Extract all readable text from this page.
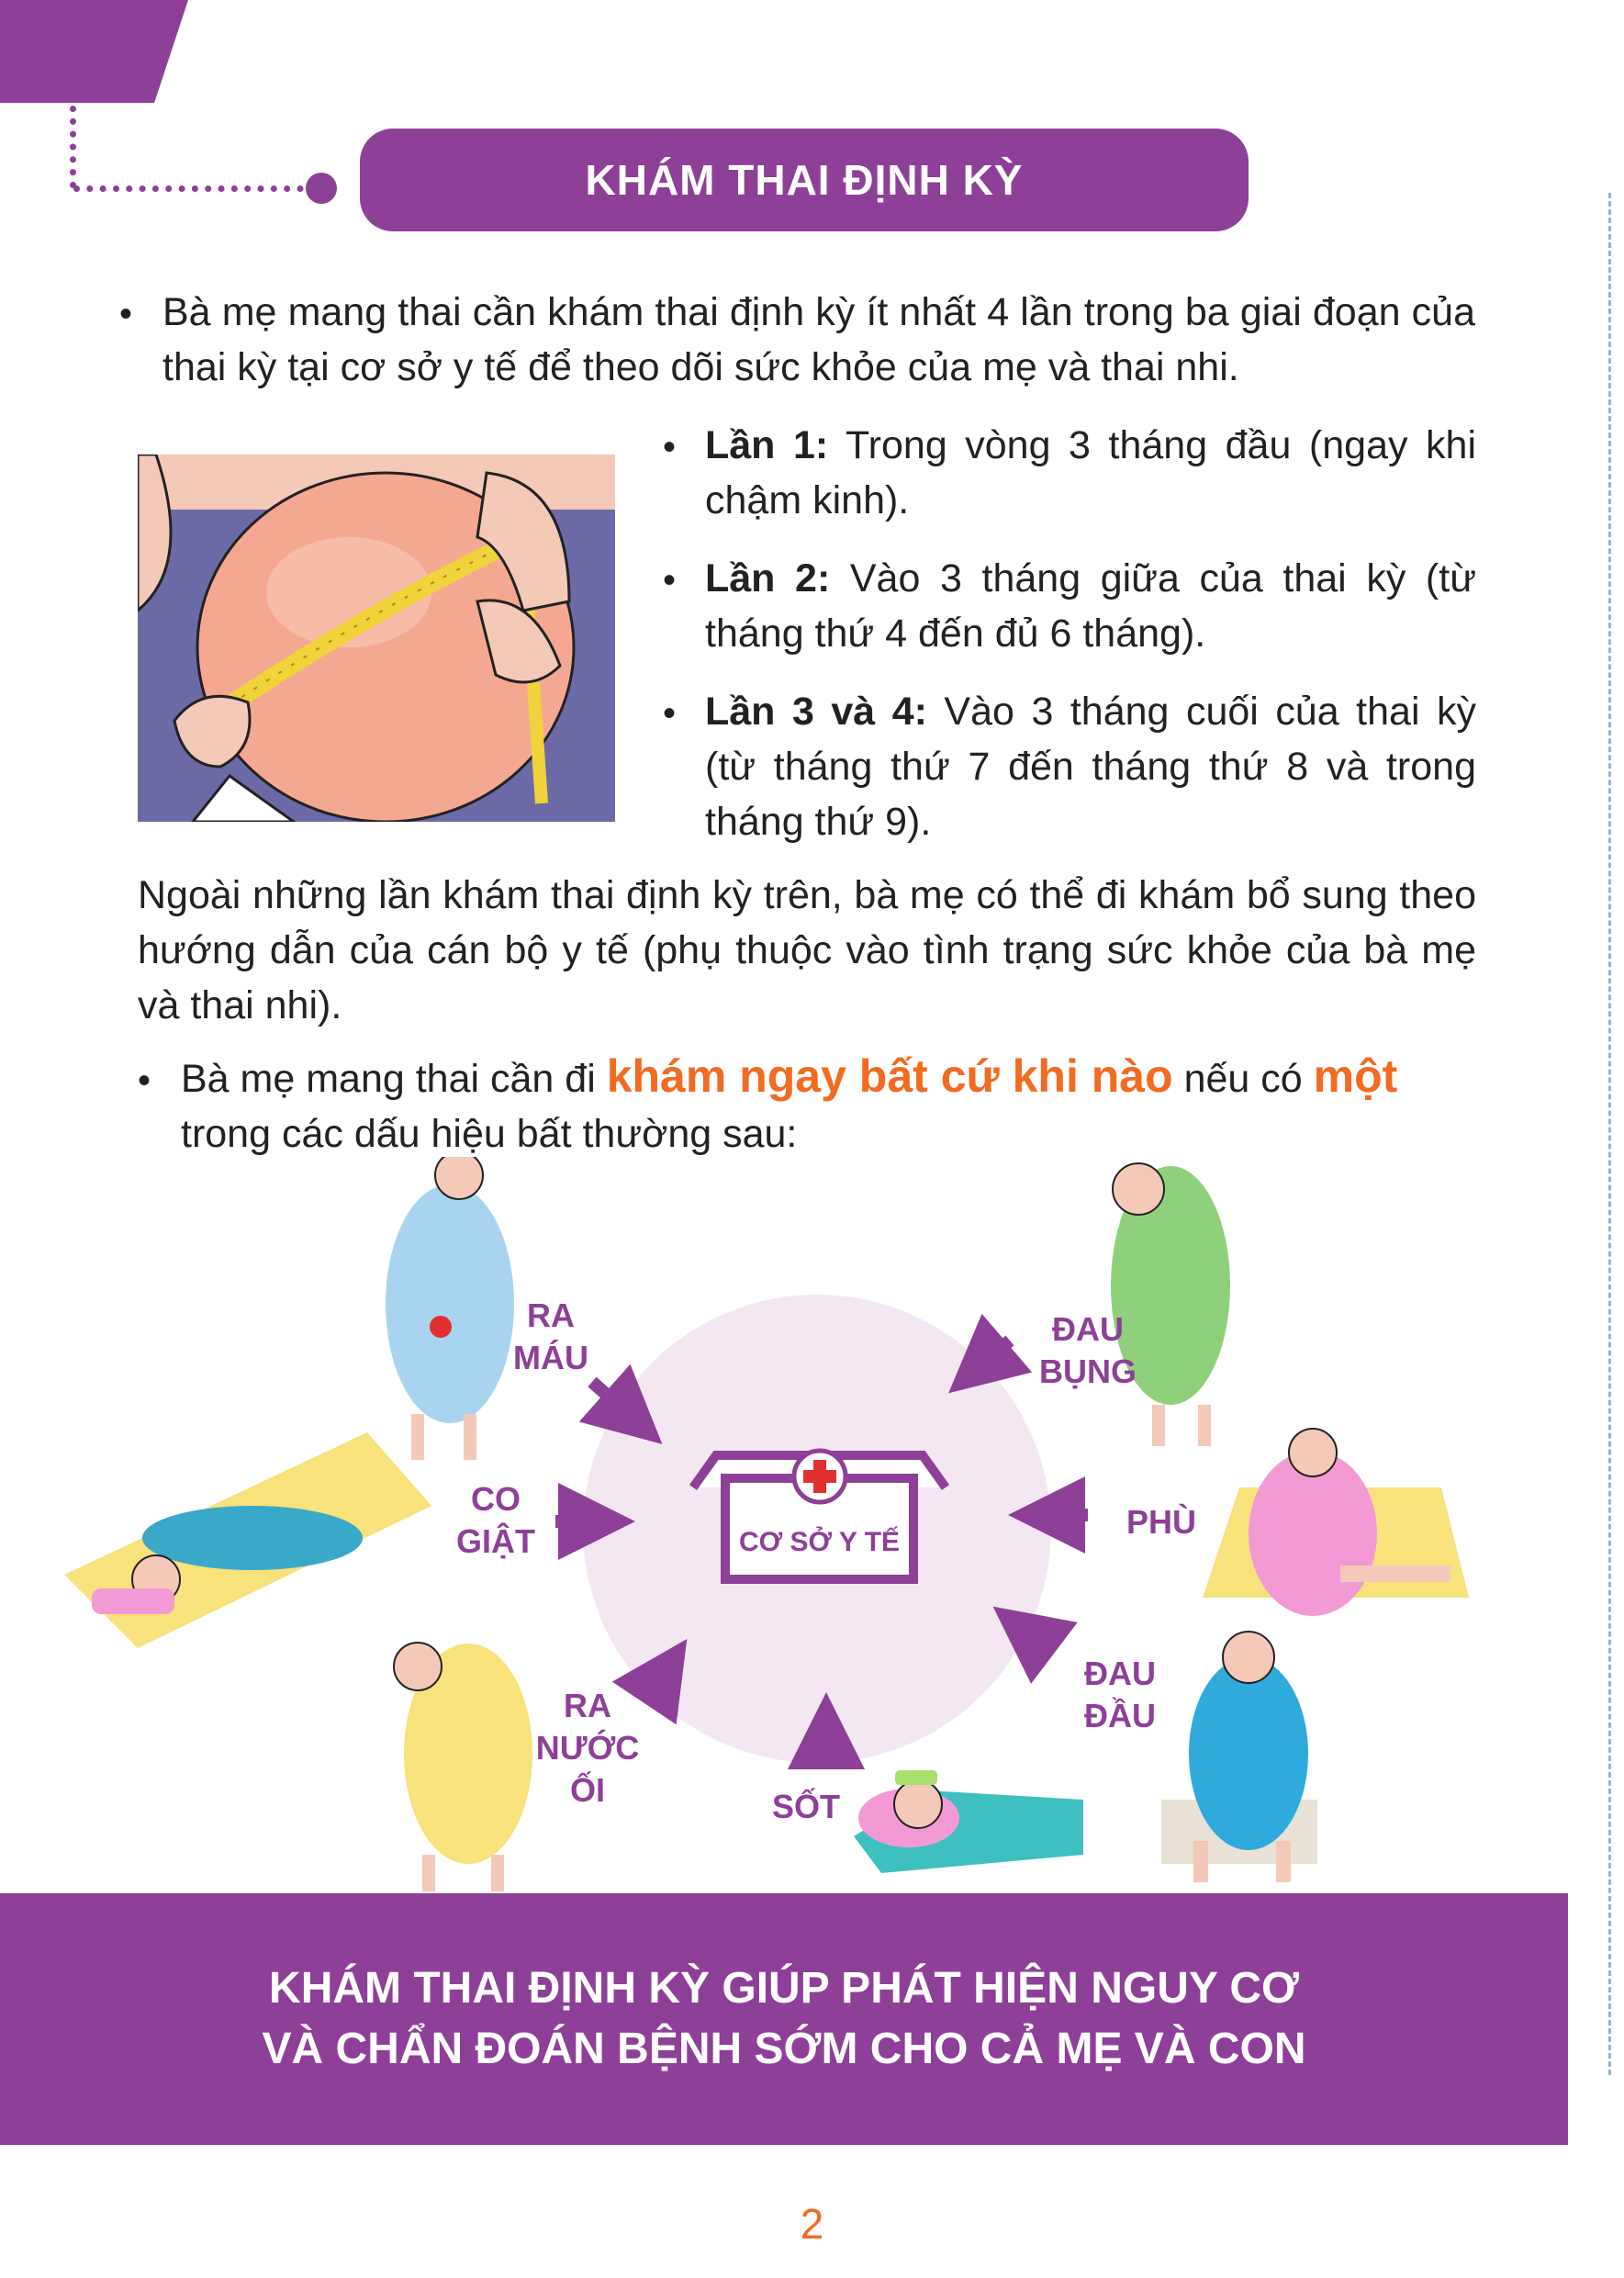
KHÁM THAI ĐỊNH KỲ
• Bà mẹ mang thai cần khám thai định kỳ ít nhất 4 lần trong ba giai đoạn của thai kỳ tại cơ sở y tế để theo dõi sức khỏe của mẹ và thai nhi.
• Lần 1: Trong vòng 3 tháng đầu (ngay khi chậm kinh).
• Lần 2: Vào 3 tháng giữa của thai kỳ (từ tháng thứ 4 đến đủ 6 tháng).
• Lần 3 và 4: Vào 3 tháng cuối của thai kỳ (từ tháng thứ 7 đến tháng thứ 8 và trong tháng thứ 9).
Ngoài những lần khám thai định kỳ trên, bà mẹ có thể đi khám bổ sung theo hướng dẫn của cán bộ y tế (phụ thuộc vào tình trạng sức khỏe của bà mẹ và thai nhi).
• Bà mẹ mang thai cần đi khám ngay bất cứ khi nào nếu có một
trong các dấu hiệu bất thường sau:
RA
MÁU
ĐAU
BỤNG
CO
GIẬT
PHÙ
RA
NƯỚC
ỐI	SỐT
ĐAU
ĐẦU
CƠ SỞ Y TẾ
KHÁM THAI ĐỊNH KỲ GIÚP PHÁT HIỆN NGUY CƠ
VÀ CHẨN ĐOÁN BỆNH SỚM CHO CẢ MẸ VÀ CON
2
